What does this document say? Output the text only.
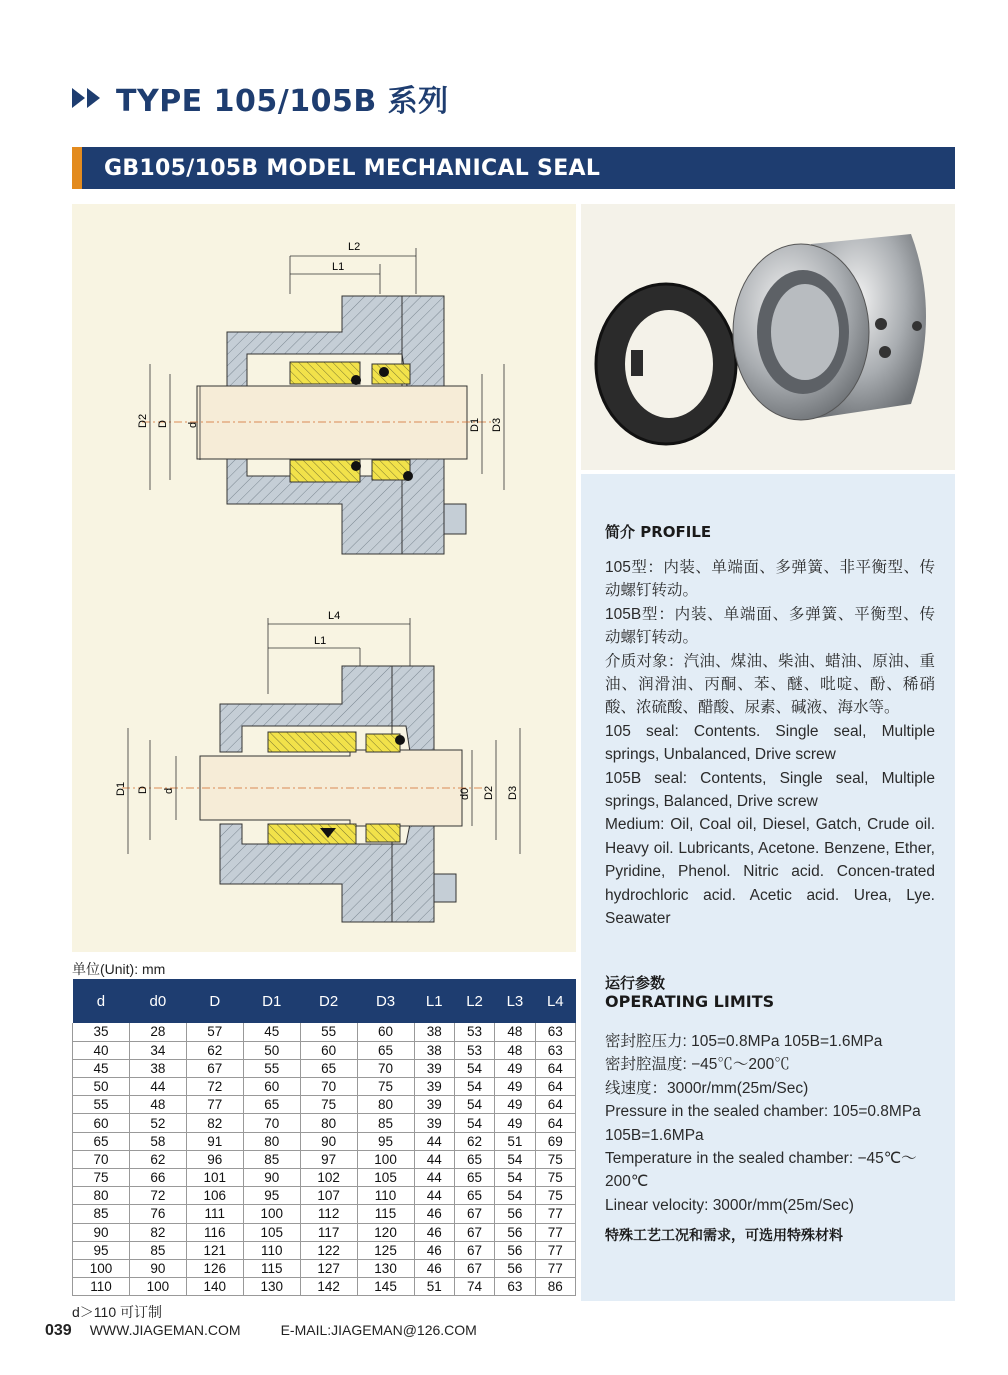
TYPE 105/105B 系列
GB105/105B MODEL MECHANICAL SEAL
L2
L1
D2 D d	D1 D3
L4
L1
D1 D d	d0 D2 D3
简介 PROFILE

105型：内装、单端面、多弹簧、非平衡型、传动螺钉转动。

105B型：内装、单端面、多弹簧、平衡型、传动螺钉转动。

介质对象：汽油、煤油、柴油、蜡油、原油、重油、润滑油、丙酮、苯、醚、吡啶、酚、稀硝酸、浓硫酸、醋酸、尿素、碱液、海水等。

105 seal: Contents. Single seal, Multiple springs, Unbalanced, Drive screw

105B seal: Contents, Single seal, Multiple springs, Balanced, Drive screw

Medium: Oil, Coal oil, Diesel, Gatch, Crude oil. Heavy oil. Lubricants, Acetone. Benzene, Ether, Pyridine, Phenol. Nitric acid. Concen-trated hydrochloric acid. Acetic acid. Urea, Lye. Seawater

运行参数
OPERATING LIMITS

密封腔压力: 105=0.8MPa 105B=1.6MPa

密封腔温度: −45℃～200℃

线速度：3000r/mm(25m/Sec)

Pressure in the sealed chamber: 105=0.8MPa 105B=1.6MPa

Temperature in the sealed chamber: −45℃～200℃

Linear velocity: 3000r/mm(25m/Sec)

特殊工艺工况和需求，可选用特殊材料
单位(Unit): mm
d	d0	D	D1	D2	D3	L1	L2	L3	L4
35	28	57	45	55	60	38	53	48	63
40	34	62	50	60	65	38	53	48	63
45	38	67	55	65	70	39	54	49	64
50	44	72	60	70	75	39	54	49	64
55	48	77	65	75	80	39	54	49	64
60	52	82	70	80	85	39	54	49	64
65	58	91	80	90	95	44	62	51	69
70	62	96	85	97	100	44	65	54	75
75	66	101	90	102	105	44	65	54	75
80	72	106	95	107	110	44	65	54	75
85	76	111	100	112	115	46	67	56	77
90	82	116	105	117	120	46	67	56	77
95	85	121	110	122	125	46	67	56	77
100	90	126	115	127	130	46	67	56	77
110	100	140	130	142	145	51	74	63	86
d＞110 可订制
039 WWW.JIAGEMAN.COM	E-MAIL:JIAGEMAN@126.COM
